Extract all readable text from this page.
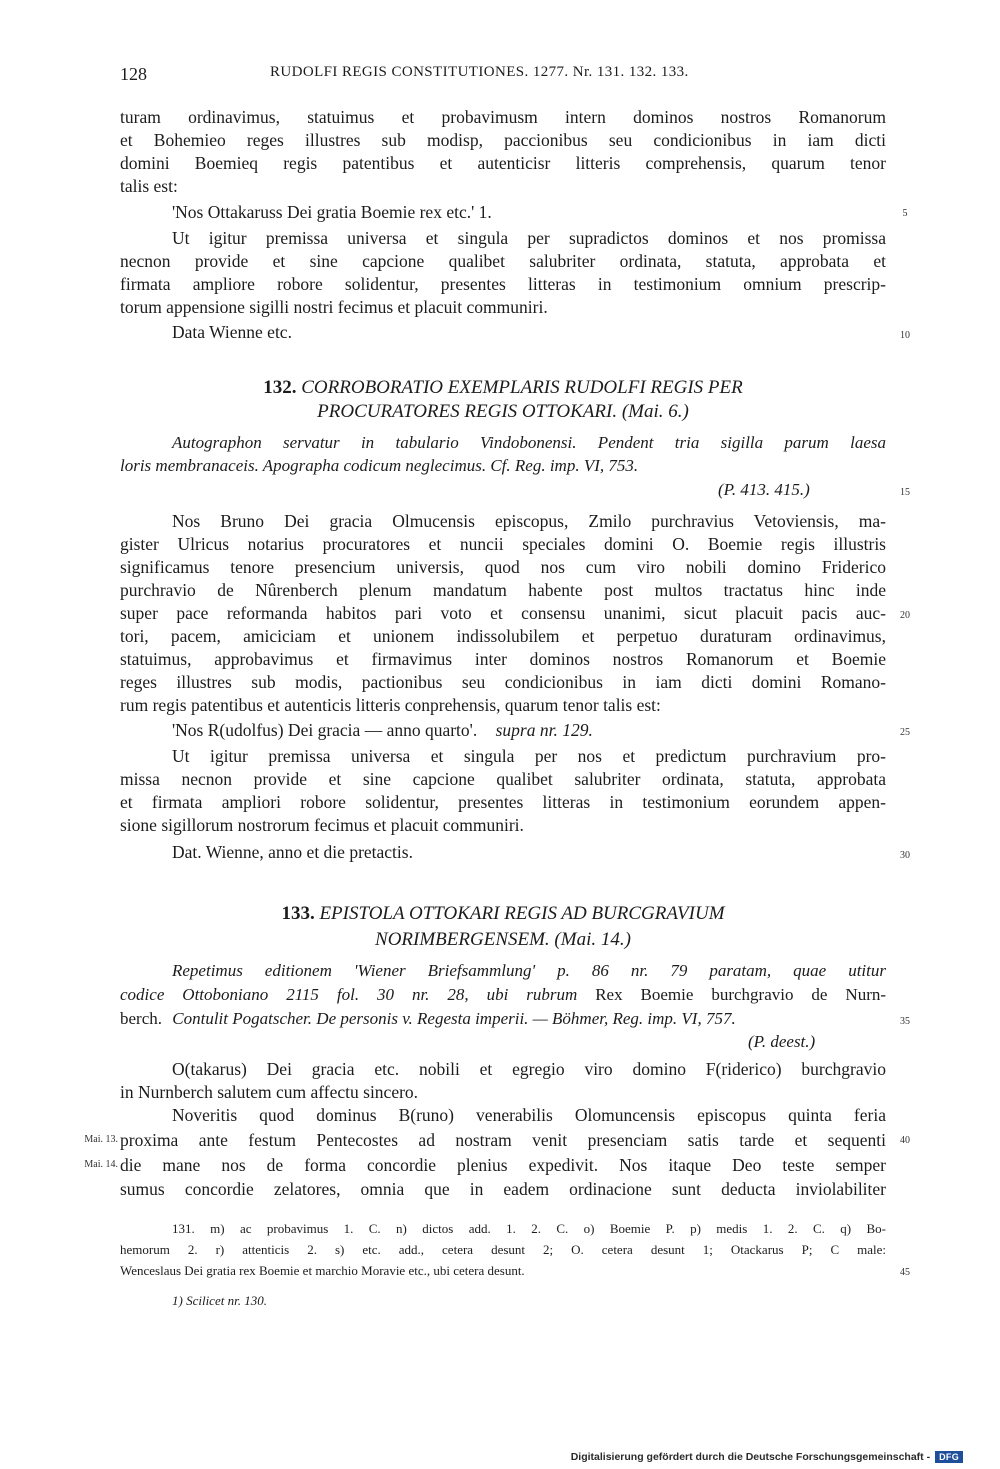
128	RUDOLFI REGIS CONSTITUTIONES. 1277. Nr. 131. 132. 133.
turam ordinavimus, statuimus et probavimusm intern dominos nostros Romanorum
et Bohemieo reges illustres sub modisp, paccionibus seu condicionibus in iam dicti
domini Boemieq regis patentibus et autenticisr litteris comprehensis, quarum tenor
talis est:
'Nos Ottakaruss Dei gratia Boemie rex etc.' 1.
Ut igitur premissa universa et singula per supradictos dominos et nos promissa
necnon provide et sine capcione qualibet salubriter ordinata, statuta, approbata et
firmata ampliore robore solidentur, presentes litteras in testimonium omnium prescrip-
torum appensione sigilli nostri fecimus et placuit communiri.
Data Wienne etc.
132. CORROBORATIO EXEMPLARIS RUDOLFI REGIS PER
PROCURATORES REGIS OTTOKARI. (Mai. 6.)
Autographon servatur in tabulario Vindobonensi. Pendent tria sigilla parum laesa
loris membranaceis. Apographa codicum neglecimus. Cf. Reg. imp. VI, 753.
(P. 413. 415.)
Nos Bruno Dei gracia Olmucensis episcopus, Zmilo purchravius Vetoviensis, ma-
gister Ulricus notarius procuratores et nuncii speciales domini O. Boemie regis illustris
significamus tenore presencium universis, quod nos cum viro nobili domino Friderico
purchravio de Nûrenberch plenum mandatum habente post multos tractatus hinc inde
super pace reformanda habitos pari voto et consensu unanimi, sicut placuit pacis auc-
tori, pacem, amiciciam et unionem indissolubilem et perpetuo duraturam ordinavimus,
statuimus, approbavimus et firmavimus inter dominos nostros Romanorum et Boemie
reges illustres sub modis, pactionibus seu condicionibus in iam dicti domini Romano-
rum regis patentibus et autenticis litteris conprehensis, quarum tenor talis est:
'Nos R(udolfus) Dei gracia — anno quarto'. supra nr. 129.
Ut igitur premissa universa et singula per nos et predictum purchravium pro-
missa necnon provide et sine capcione qualibet salubriter ordinata, statuta, approbata
et firmata ampliori robore solidentur, presentes litteras in testimonium eorundem appen-
sione sigillorum nostrorum fecimus et placuit communiri.
Dat. Wienne, anno et die pretactis.
133. EPISTOLA OTTOKARI REGIS AD BURCGRAVIUM
NORIMBERGENSEM. (Mai. 14.)
Repetimus editionem 'Wiener Briefsammlung' p. 86 nr. 79 paratam, quae utitur
codice Ottoboniano 2115 fol. 30 nr. 28, ubi rubrum Rex Boemie burchgravio de Nurn-
berch. Contulit Pogatscher. De personis v. Regesta imperii. — Böhmer, Reg. imp. VI, 757.
(P. deest.)
O(takarus) Dei gracia etc. nobili et egregio viro domino F(riderico) burchgravio
in Nurnberch salutem cum affectu sincero.
Noveritis quod dominus B(runo) venerabilis Olomuncensis episcopus quinta feria
proxima ante festum Pentecostes ad nostram venit presenciam satis tarde et sequenti
die mane nos de forma concordie plenius expedivit. Nos itaque Deo teste semper
sumus concordie zelatores, omnia que in eadem ordinacione sunt deducta inviolabiliter
Mai. 13.
Mai. 14.
5
10
15
20
25
30
35
40
45
131. m) ac probavimus 1. C. n) dictos add. 1. 2. C. o) Boemie P. p) medis 1. 2. C. q) Bo-
hemorum 2. r) attenticis 2. s) etc. add., cetera desunt 2; O. cetera desunt 1; Otackarus P; C male:
Wenceslaus Dei gratia rex Boemie et marchio Moravie etc., ubi cetera desunt.
1) Scilicet nr. 130.
Digitalisierung gefördert durch die Deutsche Forschungsgemeinschaft -	DFG
